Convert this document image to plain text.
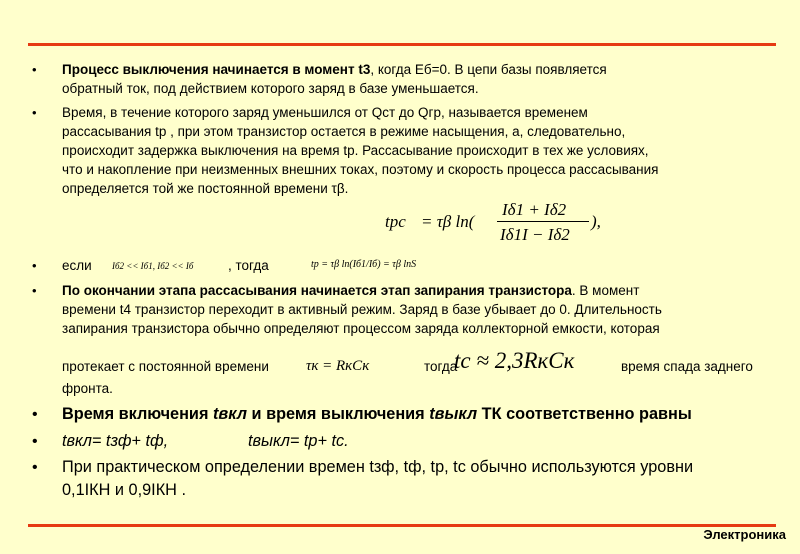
• Процесс выключения начинается в момент t3, когда Eб=0. В цепи базы появляется
обратный ток, под действием которого заряд в базе уменьшается.
• Время, в течение которого заряд уменьшился от Qст до Qгр, называется временем
рассасывания tр , при этом транзистор остается в режиме насыщения, а, следовательно,
происходит задержка выключения на время tр. Рассасывание происходит в тех же условиях,
что и накопление при неизменных внешних токах, поэтому и скорость процесса рассасывания
определяется той же постоянной времени τβ.
tрс = τβ ln(
Iδ1 + Iδ2
Iδ1I − Iδ2
),
• если Iб2 << Iб1, Iб2 << Iб	, тогда	tр = τβ ln(Iб1/Iб) = τβ lnS
• По окончании этапа рассасывания начинается этап запирания транзистора. В момент
времени t4 транзистор переходит в активный режим. Заряд в базе убывает до 0. Длительность
запирания транзистора обычно определяют процессом заряда коллекторной емкости, которая
протекает с постоянной времени τк = RкCк	тогда
tс ≈ 2,3RкCк	время спада заднего
фронта.
• Время включения tвкл и время выключения tвыкл ТК соответственно равны
• tвкл= tзф+ tф,	tвыкл= tр+ tс.
• При практическом определении времен tзф, tф, tр, tс обычно используются уровни
0,1IКН и 0,9IКН .
Электроника
